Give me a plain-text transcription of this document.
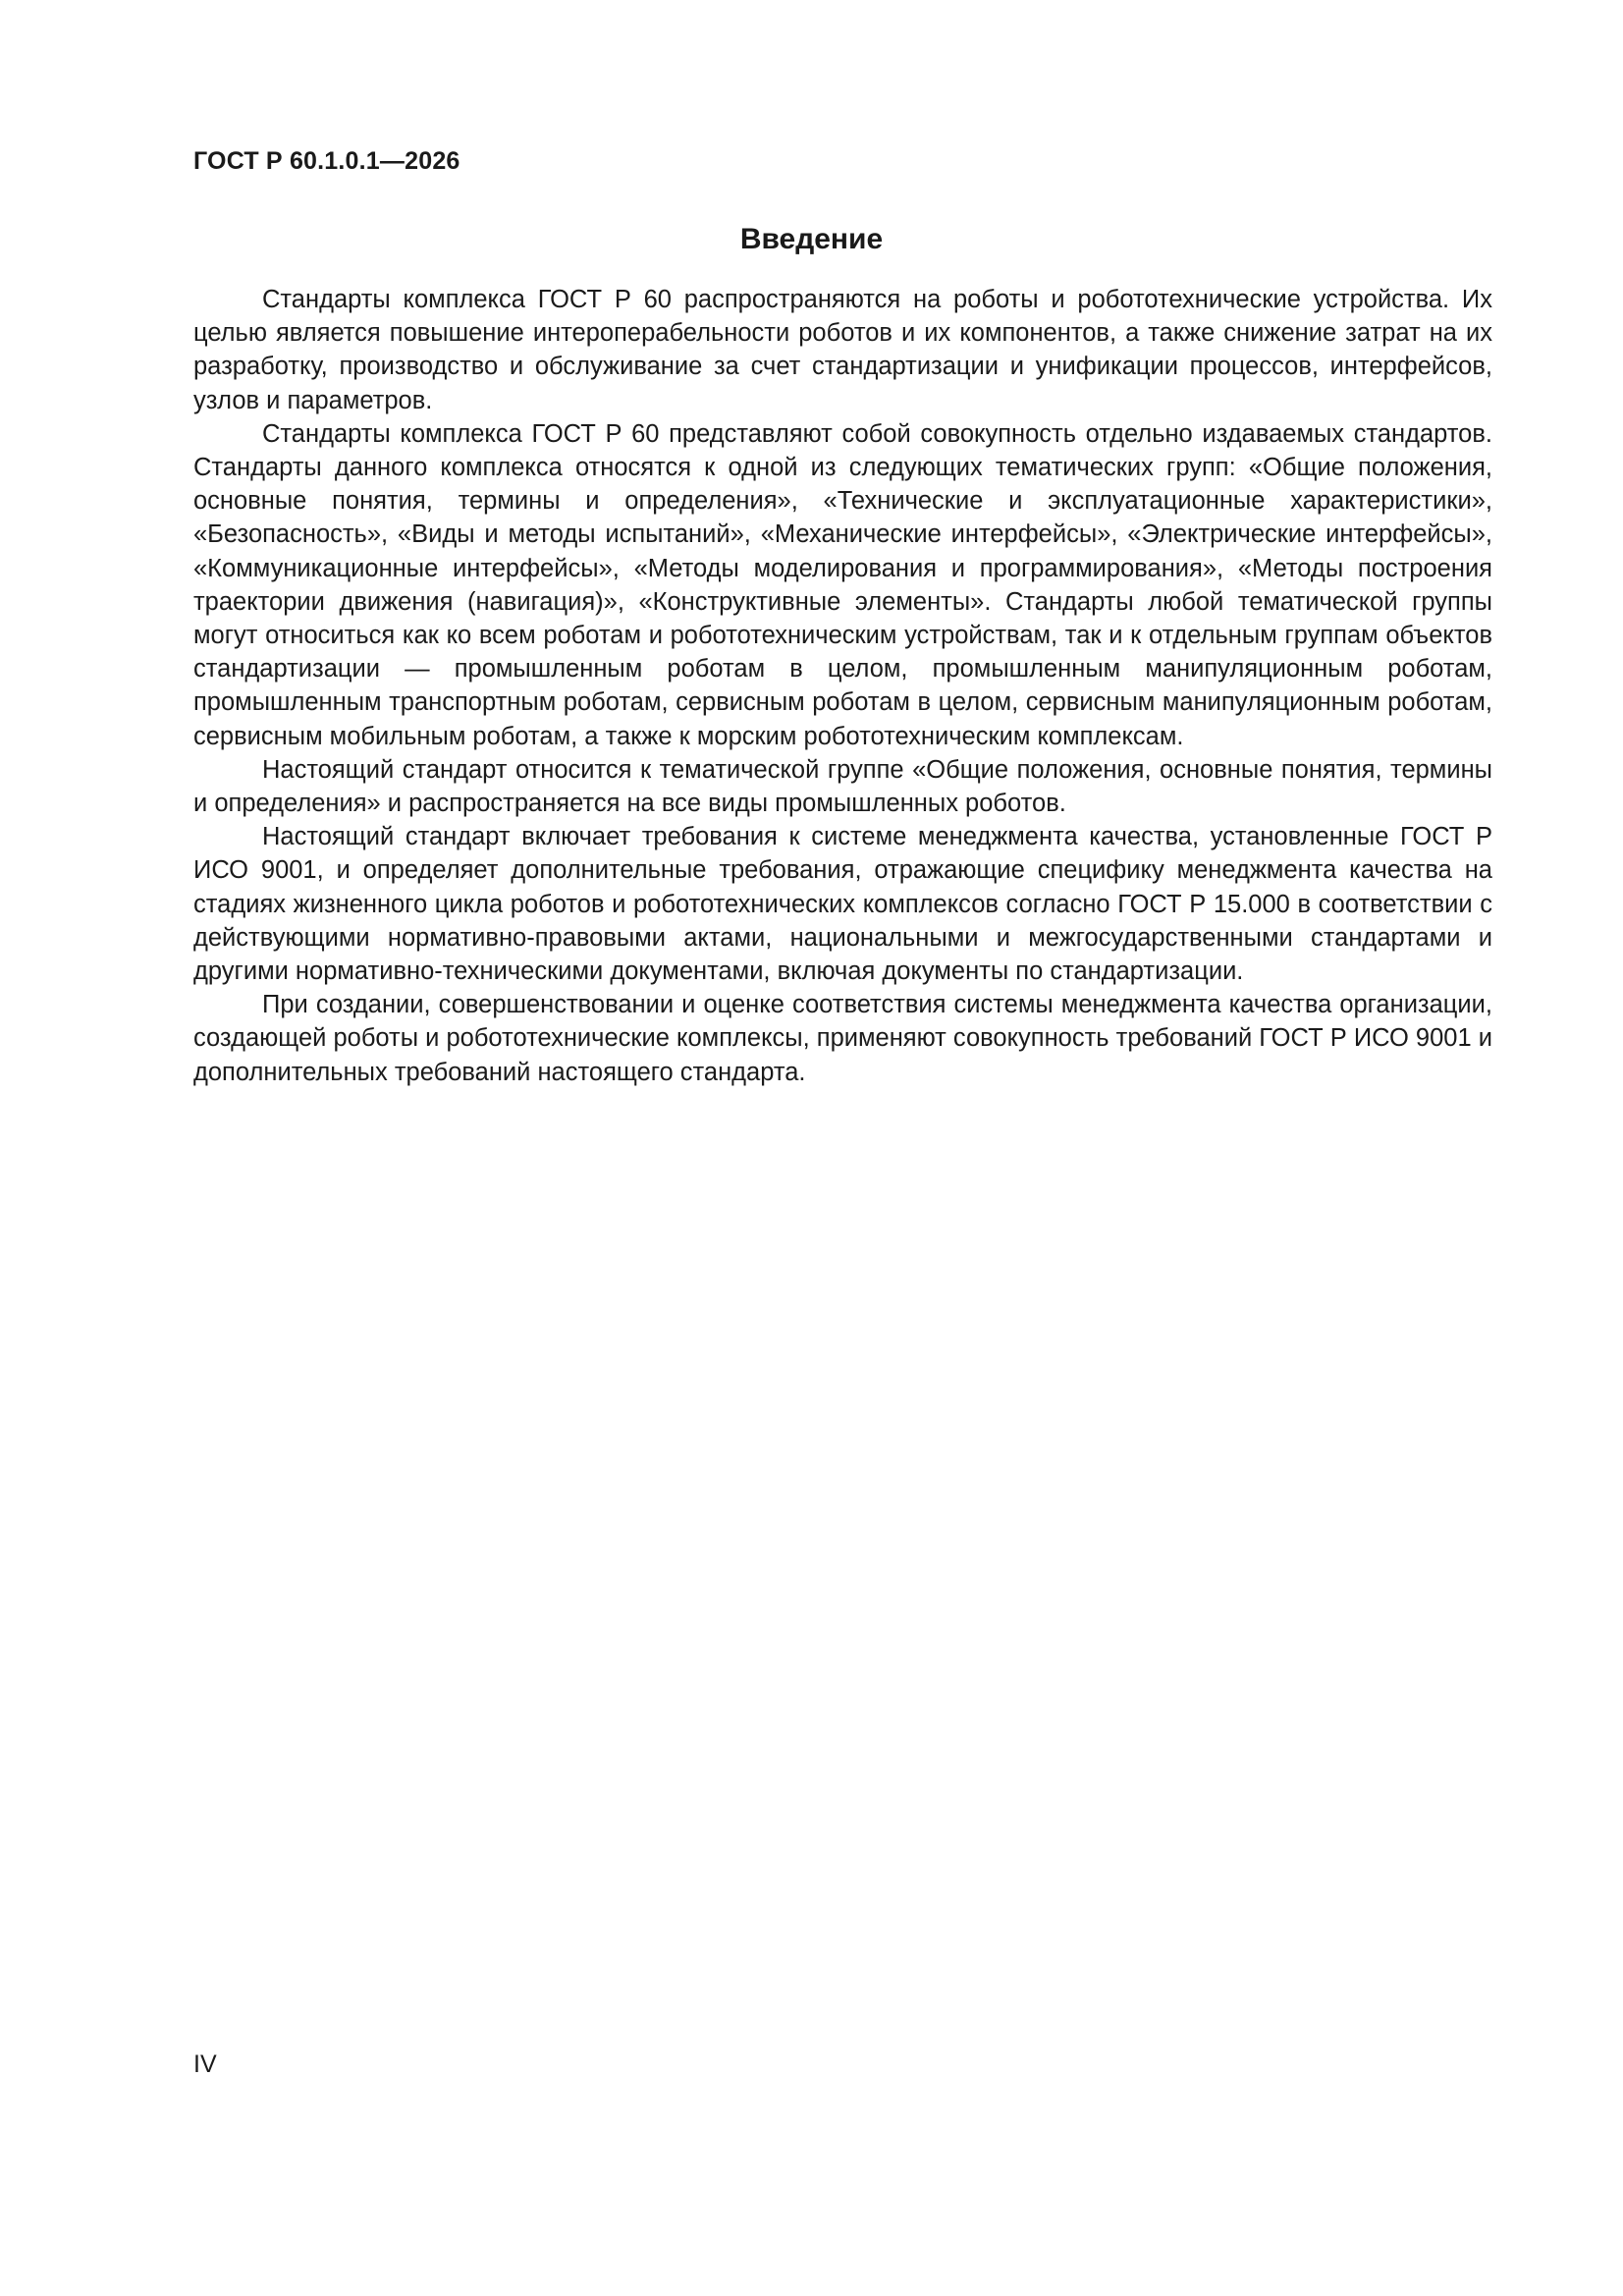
ГОСТ Р 60.1.0.1—2026
Введение

Стандарты комплекса ГОСТ Р 60 распространяются на роботы и робототехнические устройства. Их целью является повышение интероперабельности роботов и их компонентов, а также снижение затрат на их разработку, производство и обслуживание за счет стандартизации и унификации процессов, интерфейсов, узлов и параметров.

Стандарты комплекса ГОСТ Р 60 представляют собой совокупность отдельно издаваемых стандартов. Стандарты данного комплекса относятся к одной из следующих тематических групп: «Общие положения, основные понятия, термины и определения», «Технические и эксплуатационные характеристики», «Безопасность», «Виды и методы испытаний», «Механические интерфейсы», «Электрические интерфейсы», «Коммуникационные интерфейсы», «Методы моделирования и программирования», «Методы построения траектории движения (навигация)», «Конструктивные элементы». Стандарты любой тематической группы могут относиться как ко всем роботам и робототехническим устройствам, так и к отдельным группам объектов стандартизации — промышленным роботам в целом, промышленным манипуляционным роботам, промышленным транспортным роботам, сервисным роботам в целом, сервисным манипуляционным роботам, сервисным мобильным роботам, а также к морским робототехническим комплексам.

Настоящий стандарт относится к тематической группе «Общие положения, основные понятия, термины и определения» и распространяется на все виды промышленных роботов.

Настоящий стандарт включает требования к системе менеджмента качества, установленные ГОСТ Р ИСО 9001, и определяет дополнительные требования, отражающие специфику менеджмента качества на стадиях жизненного цикла роботов и робототехнических комплексов согласно ГОСТ Р 15.000 в соответствии с действующими нормативно-правовыми актами, национальными и межгосударственными стандартами и другими нормативно-техническими документами, включая документы по стандартизации.

При создании, совершенствовании и оценке соответствия системы менеджмента качества организации, создающей роботы и робототехнические комплексы, применяют совокупность требований ГОСТ Р ИСО 9001 и дополнительных требований настоящего стандарта.

IV
